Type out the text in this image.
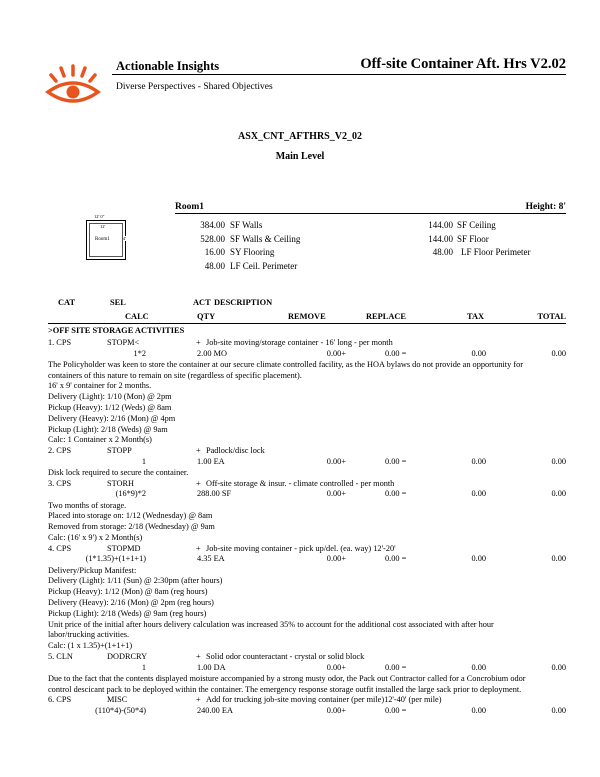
Actionable Insights
Diverse Perspectives - Shared Objectives
Off-site Container Aft. Hrs V2.02
ASX_CNT_AFTHRS_V2_02
Main Level
Room1	Height: 8'
12' 0"
12'
Room1	4'
384.00 SF Walls	144.00 SF Ceiling
528.00 SF Walls & Ceiling	144.00 SF Floor
16.00 SY Flooring	48.00 LF Floor Perimeter
48.00 LF Ceil. Perimeter
CAT	SEL	ACT DESCRIPTION
CALC	QTY	REMOVE	REPLACE	TAX	TOTAL
>OFF SITE STORAGE ACTIVITIES
1. CPS	STOPM<	+ Job-site moving/storage container - 16' long - per month
1*2	2.00 MO	0.00+	0.00 =	0.00	0.00
The Policyholder was keen to store the container at our secure climate controlled facility, as the HOA bylaws do not provide an opportunity for
containers of this nature to remain on site (regardless of specific placement).
16' x 9' container for 2 months.
Delivery (Light): 1/10 (Mon) @ 2pm
Pickup (Heavy): 1/12 (Weds) @ 8am
Delivery (Heavy): 2/16 (Mon) @ 4pm
Pickup (Light): 2/18 (Weds) @ 9am
Calc: 1 Container x 2 Month(s)
2. CPS	STOPP	+ Padlock/disc lock
1	1.00 EA	0.00+	0.00 =	0.00	0.00
Disk lock required to secure the container.
3. CPS	STORH	+ Off-site storage & insur. - climate controlled - per month
(16*9)*2	288.00 SF	0.00+	0.00 =	0.00	0.00
Two months of storage.
Placed into storage on: 1/12 (Wednesday) @ 8am
Removed from storage: 2/18 (Wednesday) @ 9am
Calc: (16' x 9') x 2 Month(s)
4. CPS	STOPMD	+ Job-site moving container - pick up/del. (ea. way) 12'-20'
(1*1.35)+(1+1+1)	4.35 EA	0.00+	0.00 =	0.00	0.00
Delivery/Pickup Manifest:
Delivery (Light): 1/11 (Sun) @ 2:30pm (after hours)
Pickup (Heavy): 1/12 (Mon) @ 8am (reg hours)
Delivery (Heavy): 2/16 (Mon) @ 2pm (reg hours)
Pickup (Light): 2/18 (Weds) @ 9am (reg hours)
Unit price of the initial after hours delivery calculation was increased 35% to account for the additional cost associated with after hour
labor/trucking activities.
Calc: (1 x 1.35)+(1+1+1)
5. CLN	DODRCRY	+ Solid odor counteractant - crystal or solid block
1	1.00 DA	0.00+	0.00 =	0.00	0.00
Due to the fact that the contents displayed moisture accompanied by a strong musty odor, the Pack out Contractor called for a Concrobium odor
control descicant pack to be deployed within the container. The emergency response storage outfit installed the large sack prior to deployment.
6. CPS	MISC	+ Add for trucking job-site moving container (per mile)12'-40' (per mile)
(110*4)-(50*4)	240.00 EA	0.00+	0.00 =	0.00	0.00
